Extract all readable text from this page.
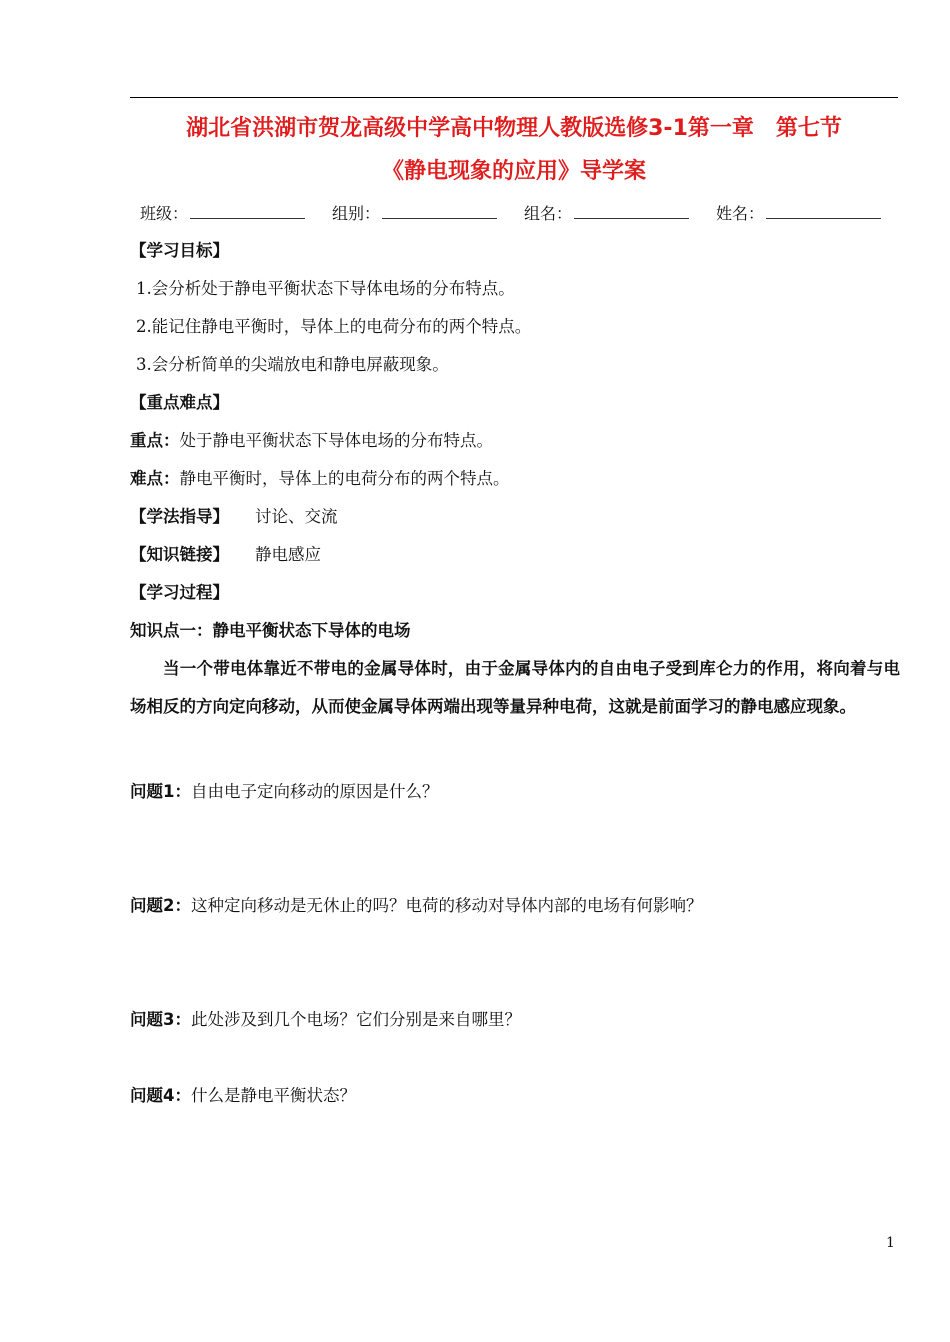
湖北省洪湖市贺龙高级中学高中物理人教版选修3-1第一章　第七节
《静电现象的应用》导学案
班级：	组别：	组名：	姓名：
【学习目标】
1.会分析处于静电平衡状态下导体电场的分布特点。
2.能记住静电平衡时，导体上的电荷分布的两个特点。
3.会分析简单的尖端放电和静电屏蔽现象。
【重点难点】
重点：处于静电平衡状态下导体电场的分布特点。
难点：静电平衡时，导体上的电荷分布的两个特点。
【学法指导】 讨论、交流
【知识链接】 静电感应
【学习过程】
知识点一：静电平衡状态下导体的电场
当一个带电体靠近不带电的金属导体时，由于金属导体内的自由电子受到库仑力的作用，将向着与电场相反的方向定向移动，从而使金属导体两端出现等量异种电荷，这就是前面学习的静电感应现象。
问题1：自由电子定向移动的原因是什么？
问题2：这种定向移动是无休止的吗？电荷的移动对导体内部的电场有何影响？
问题3：此处涉及到几个电场？它们分别是来自哪里？
问题4：什么是静电平衡状态？
1
